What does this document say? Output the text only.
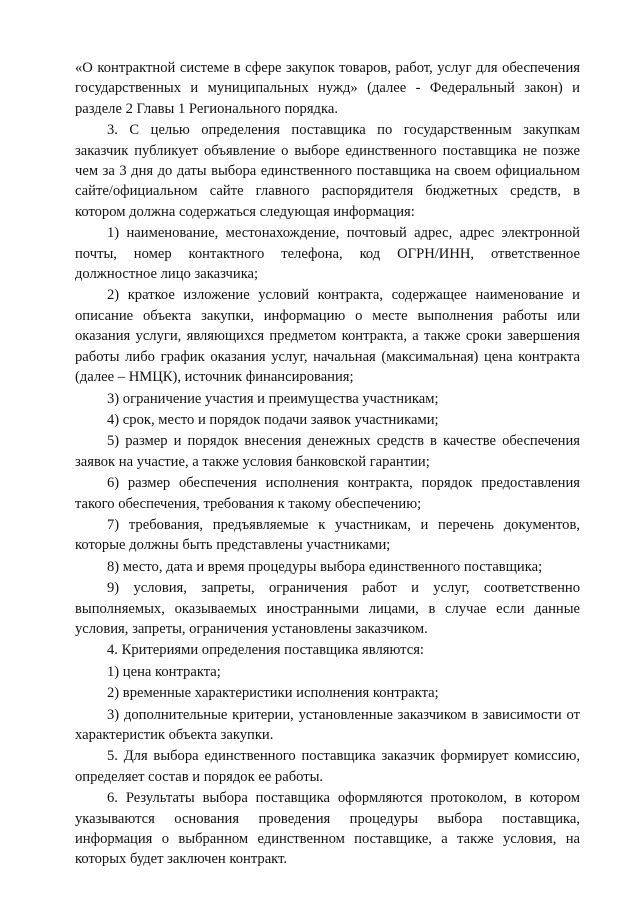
«О контрактной системе в сфере закупок товаров, работ, услуг для обеспечения государственных и муниципальных нужд» (далее - Федеральный закон) и разделе 2 Главы 1 Регионального порядка.

3. С целью определения поставщика по государственным закупкам заказчик публикует объявление о выборе единственного поставщика не позже чем за 3 дня до даты выбора единственного поставщика на своем официальном сайте/официальном сайте главного распорядителя бюджетных средств, в котором должна содержаться следующая информация:

1) наименование, местонахождение, почтовый адрес, адрес электронной почты, номер контактного телефона, код ОГРН/ИНН, ответственное должностное лицо заказчика;

2) краткое изложение условий контракта, содержащее наименование и описание объекта закупки, информацию о месте выполнения работы или оказания услуги, являющихся предметом контракта, а также сроки завершения работы либо график оказания услуг, начальная (максимальная) цена контракта (далее – НМЦК), источник финансирования;

3) ограничение участия и преимущества участникам;

4) срок, место и порядок подачи заявок участниками;

5) размер и порядок внесения денежных средств в качестве обеспечения заявок на участие, а также условия банковской гарантии;

6) размер обеспечения исполнения контракта, порядок предоставления такого обеспечения, требования к такому обеспечению;

7) требования, предъявляемые к участникам, и перечень документов, которые должны быть представлены участниками;

8) место, дата и время процедуры выбора единственного поставщика;

9) условия, запреты, ограничения работ и услуг, соответственно выполняемых, оказываемых иностранными лицами, в случае если данные условия, запреты, ограничения установлены заказчиком.

4. Критериями определения поставщика являются:

1) цена контракта;

2) временные характеристики исполнения контракта;

3) дополнительные критерии, установленные заказчиком в зависимости от характеристик объекта закупки.

5. Для выбора единственного поставщика заказчик формирует комиссию, определяет состав и порядок ее работы.

6. Результаты выбора поставщика оформляются протоколом, в котором указываются основания проведения процедуры выбора поставщика, информация о выбранном единственном поставщике, а также условия, на которых будет заключен контракт.
